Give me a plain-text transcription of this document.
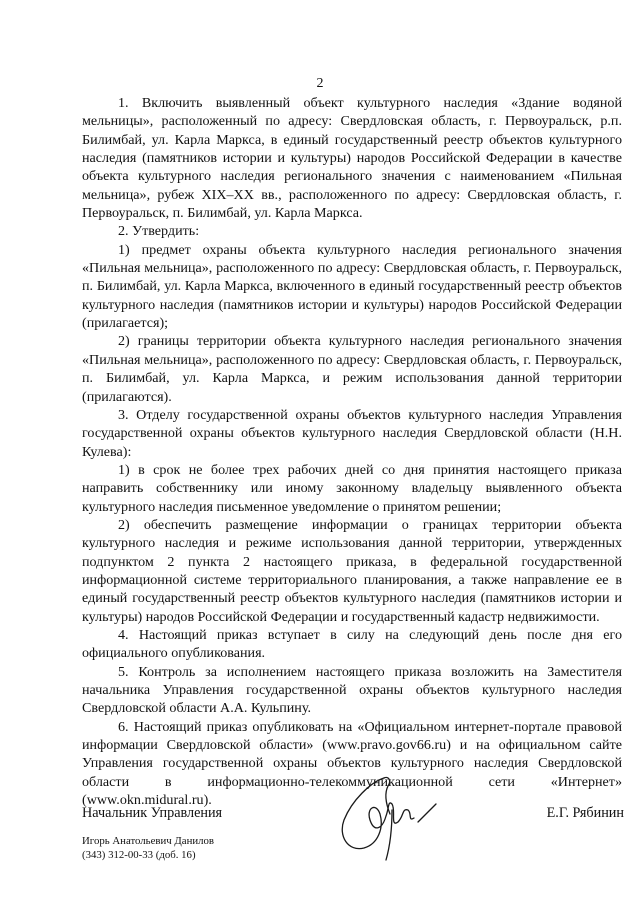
2

1. Включить выявленный объект культурного наследия «Здание водяной мельницы», расположенный по адресу: Свердловская область, г. Первоуральск, р.п. Билимбай, ул. Карла Маркса, в единый государственный реестр объектов культурного наследия (памятников истории и культуры) народов Российской Федерации в качестве объекта культурного наследия регионального значения с наименованием «Пильная мельница», рубеж XIX–XX вв., расположенного по адресу: Свердловская область, г. Первоуральск, п. Билимбай, ул. Карла Маркса.

2. Утвердить:

1) предмет охраны объекта культурного наследия регионального значения «Пильная мельница», расположенного по адресу: Свердловская область, г. Первоуральск, п. Билимбай, ул. Карла Маркса, включенного в единый государственный реестр объектов культурного наследия (памятников истории и культуры) народов Российской Федерации (прилагается);

2) границы территории объекта культурного наследия регионального значения «Пильная мельница», расположенного по адресу: Свердловская область, г. Первоуральск, п. Билимбай, ул. Карла Маркса, и режим использования данной территории (прилагаются).

3. Отделу государственной охраны объектов культурного наследия Управления государственной охраны объектов культурного наследия Свердловской области (Н.Н. Кулева):

1) в срок не более трех рабочих дней со дня принятия настоящего приказа направить собственнику или иному законному владельцу выявленного объекта культурного наследия письменное уведомление о принятом решении;

2) обеспечить размещение информации о границах территории объекта культурного наследия и режиме использования данной территории, утвержденных подпунктом 2 пункта 2 настоящего приказа, в федеральной государственной информационной системе территориального планирования, а также направление ее в единый государственный реестр объектов культурного наследия (памятников истории и культуры) народов Российской Федерации и государственный кадастр недвижимости.

4. Настоящий приказ вступает в силу на следующий день после дня его официального опубликования.

5. Контроль за исполнением настоящего приказа возложить на Заместителя начальника Управления государственной охраны объектов культурного наследия Свердловской области А.А. Кульпину.

6. Настоящий приказ опубликовать на «Официальном интернет-портале правовой информации Свердловской области» (www.pravo.gov66.ru) и на официальном сайте Управления государственной охраны объектов культурного наследия Свердловской области в информационно-телекоммуникационной сети «Интернет» (www.okn.midural.ru).

Начальник Управления	Е.Г. Рябинин
Игорь Анатольевич Данилов
(343) 312-00-33 (доб. 16)
